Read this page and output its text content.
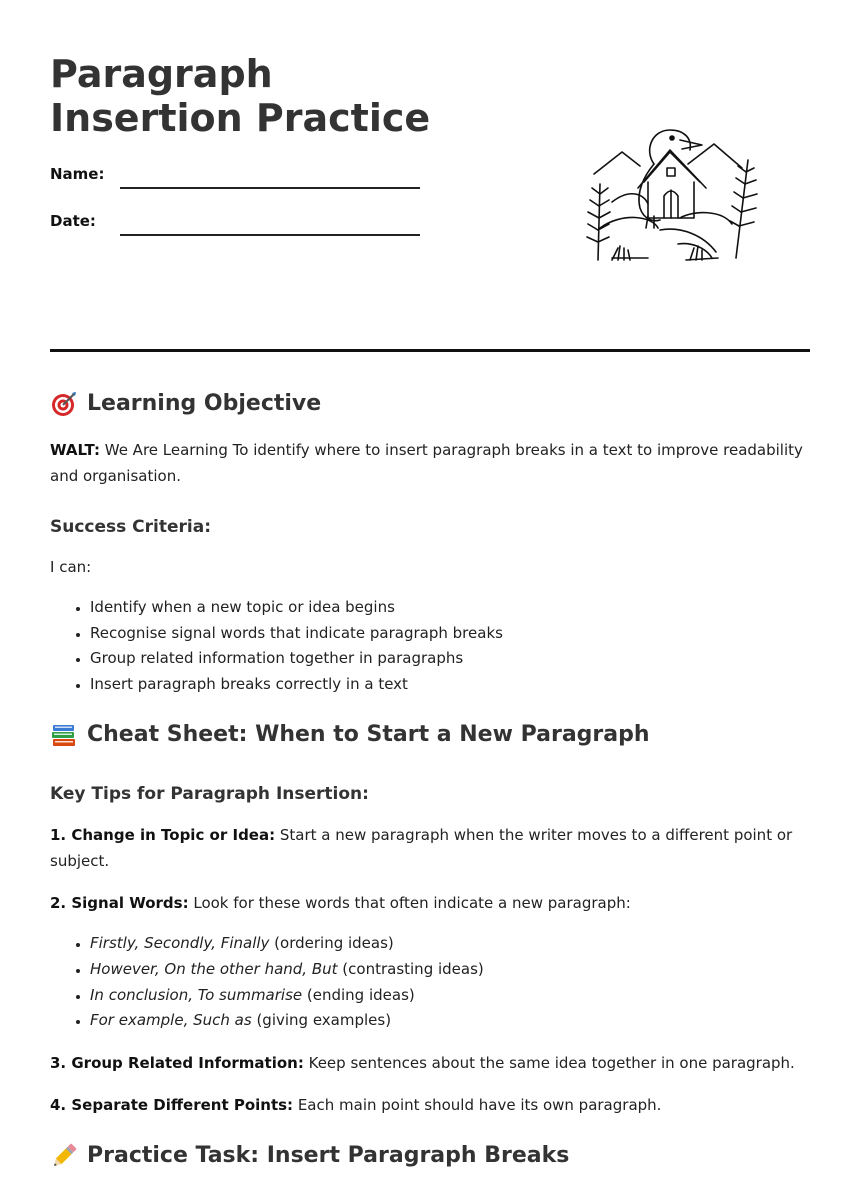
Paragraph Insertion Practice
Name:
Date:
Learning Objective

WALT: We Are Learning To identify where to insert paragraph breaks in a text to improve readability and organisation.

Success Criteria:

I can:

• Identify when a new topic or idea begins
• Recognise signal words that indicate paragraph breaks
• Group related information together in paragraphs
• Insert paragraph breaks correctly in a text
Cheat Sheet: When to Start a New Paragraph
Key Tips for Paragraph Insertion:

1. Change in Topic or Idea: Start a new paragraph when the writer moves to a different point or subject.

2. Signal Words: Look for these words that often indicate a new paragraph:

• Firstly, Secondly, Finally (ordering ideas)
• However, On the other hand, But (contrasting ideas)
• In conclusion, To summarise (ending ideas)
• For example, Such as (giving examples)

3. Group Related Information: Keep sentences about the same idea together in one paragraph.

4. Separate Different Points: Each main point should have its own paragraph.

Practice Task: Insert Paragraph Breaks
